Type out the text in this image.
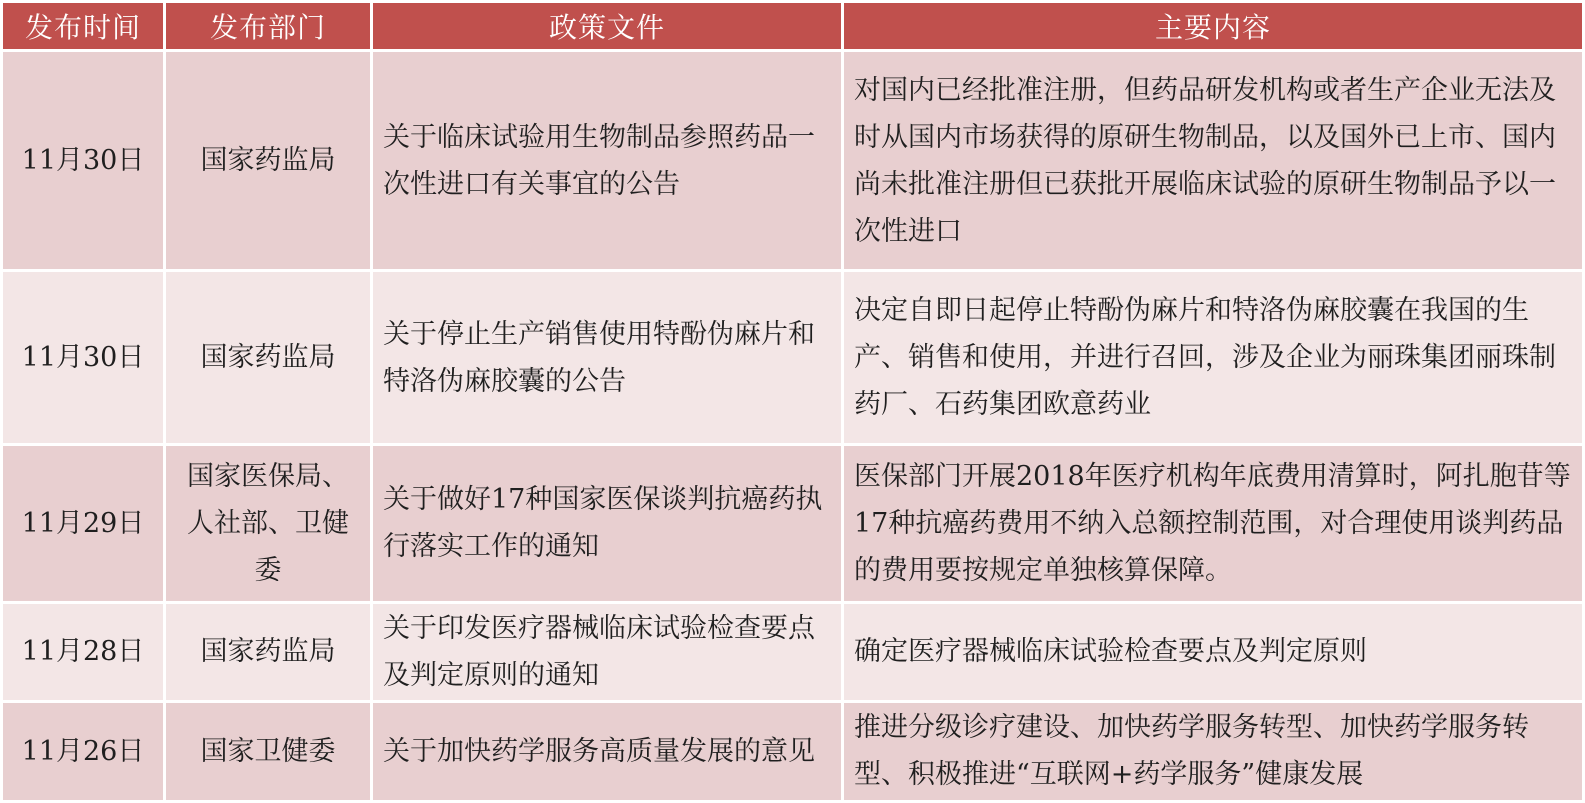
发布时间	发布部门	政策文件	主要内容
11月30日	国家药监局	关于临床试验用生物制品参照药品一次性进口有关事宜的公告	对国内已经批准注册，但药品研发机构或者生产企业无法及时从国内市场获得的原研生物制品，以及国外已上市、国内尚未批准注册但已获批开展临床试验的原研生物制品予以一次性进口
11月30日	国家药监局	关于停止生产销售使用特酚伪麻片和特洛伪麻胶囊的公告	决定自即日起停止特酚伪麻片和特洛伪麻胶囊在我国的生产、销售和使用，并进行召回，涉及企业为丽珠集团丽珠制药厂、石药集团欧意药业
11月29日	国家医保局、人社部、卫健委	关于做好17种国家医保谈判抗癌药执行落实工作的通知	医保部门开展2018年医疗机构年底费用清算时，阿扎胞苷等17种抗癌药费用不纳入总额控制范围，对合理使用谈判药品的费用要按规定单独核算保障。
11月28日	国家药监局	关于印发医疗器械临床试验检查要点及判定原则的通知	确定医疗器械临床试验检查要点及判定原则
11月26日	国家卫健委	关于加快药学服务高质量发展的意见	推进分级诊疗建设、加快药学服务转型、加快药学服务转型、积极推进“互联网+药学服务”健康发展
